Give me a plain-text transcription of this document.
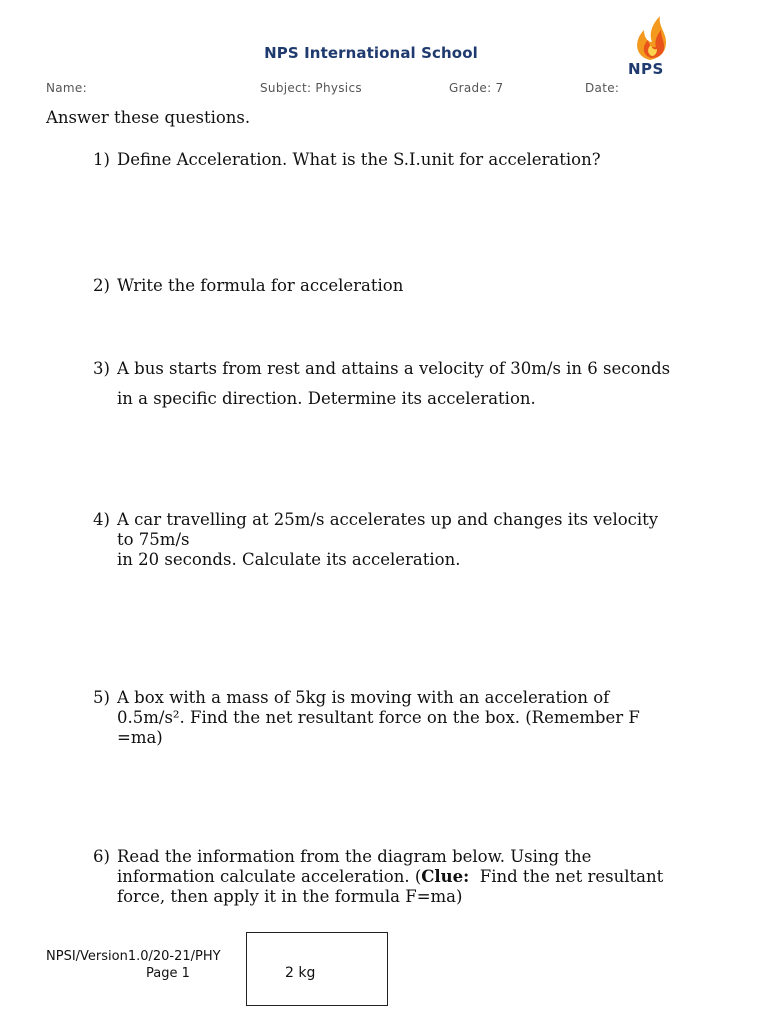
NPS International School
NPS
Name:	Subject: Physics	Grade: 7	Date:
Answer these questions.
1) Define Acceleration. What is the S.I.unit for acceleration?
2) Write the formula for acceleration
3) A bus starts from rest and attains a velocity of 30m/s in 6 seconds
in a specific direction. Determine its acceleration.
4) A car travelling at 25m/s accelerates up and changes its velocity
to 75m/s
in 20 seconds. Calculate its acceleration.
5) A box with a mass of 5kg is moving with an acceleration of
0.5m/s². Find the net resultant force on the box. (Remember F
=ma)
6) Read the information from the diagram below. Using the
information calculate acceleration. (Clue:  Find the net resultant
force, then apply it in the formula F=ma)
NPSI/Version1.0/20-21/PHY
Page 1	2 kg
